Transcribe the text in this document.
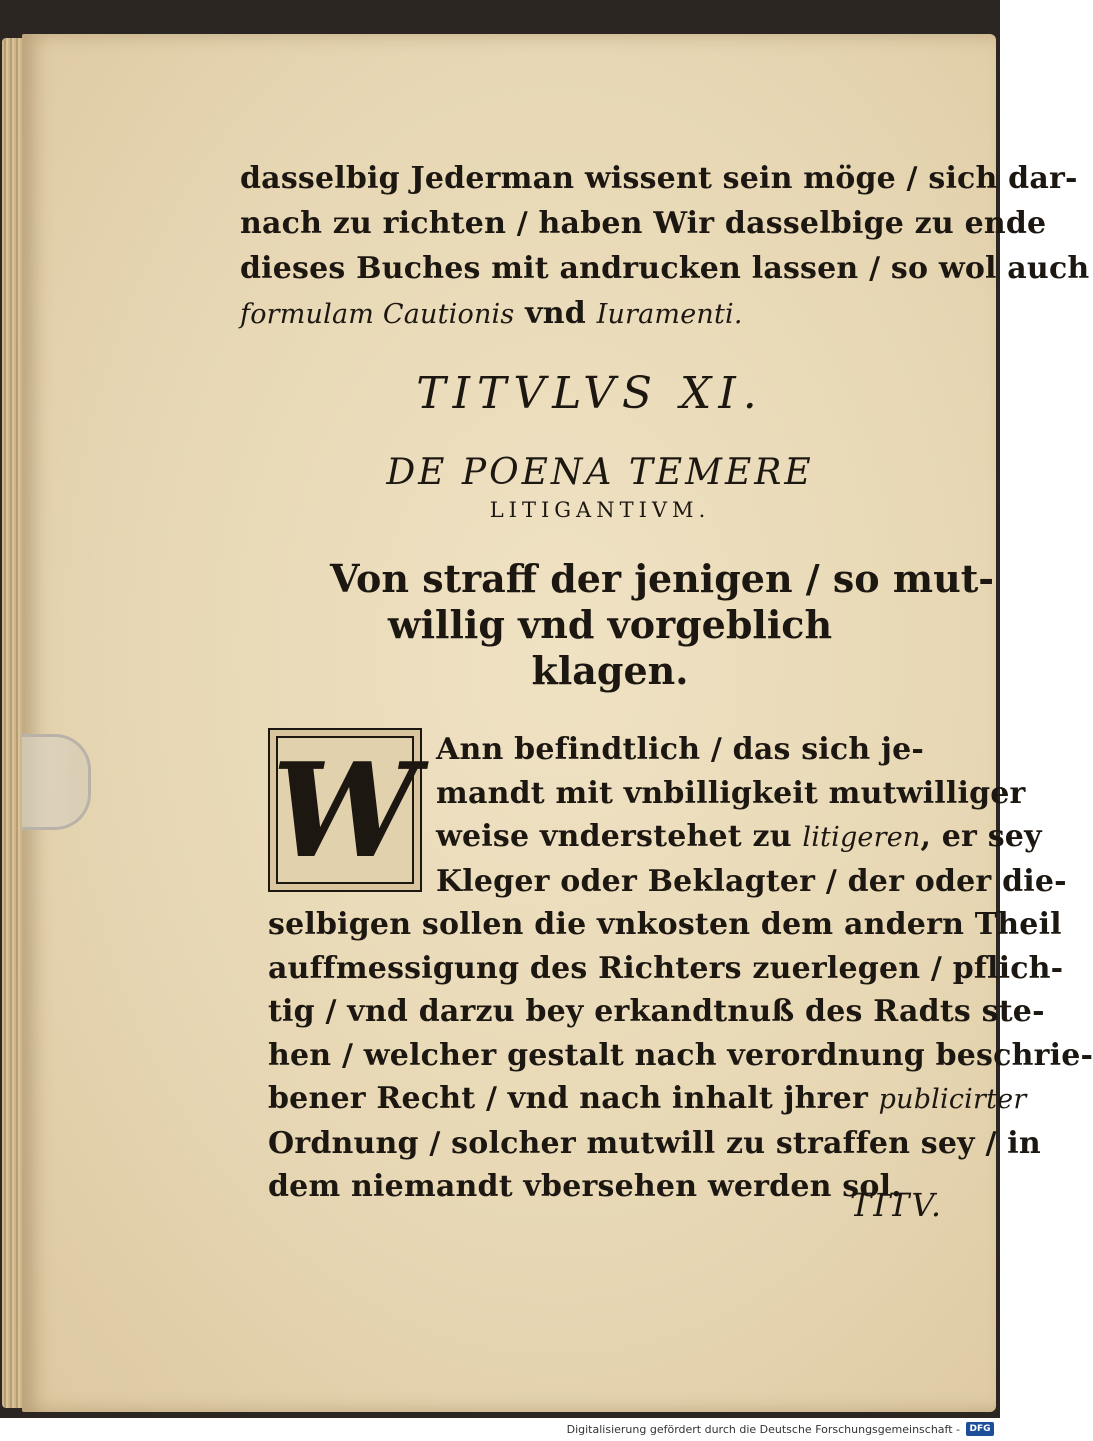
dasselbig Jederman wissent sein möge / sich dar-
nach zu richten / haben Wir dasselbige zu ende
dieses Buches mit andrucken lassen / so wol auch
formulam Cautionis vnd Iuramenti.
TITVLVS XI.
DE POENA TEMERE
LITIGANTIVM.
Von straff der jenigen / so mut-
willig vnd vorgeblich
klagen.
W Ann befindtlich / das sich je-
mandt mit vnbilligkeit mutwilliger
weise vnderstehet zu litigeren, er sey
Kleger oder Beklagter / der oder die-
selbigen sollen die vnkosten dem andern Theil
auffmessigung des Richters zuerlegen / pflich-
tig / vnd darzu bey erkandtnuß des Radts ste-
hen / welcher gestalt nach verordnung beschrie-
bener Recht / vnd nach inhalt jhrer publicirter
Ordnung / solcher mutwill zu straffen sey / in
dem niemandt vbersehen werden sol.
TITV.
Digitalisierung gefördert durch die Deutsche Forschungsgemeinschaft -	DFG
